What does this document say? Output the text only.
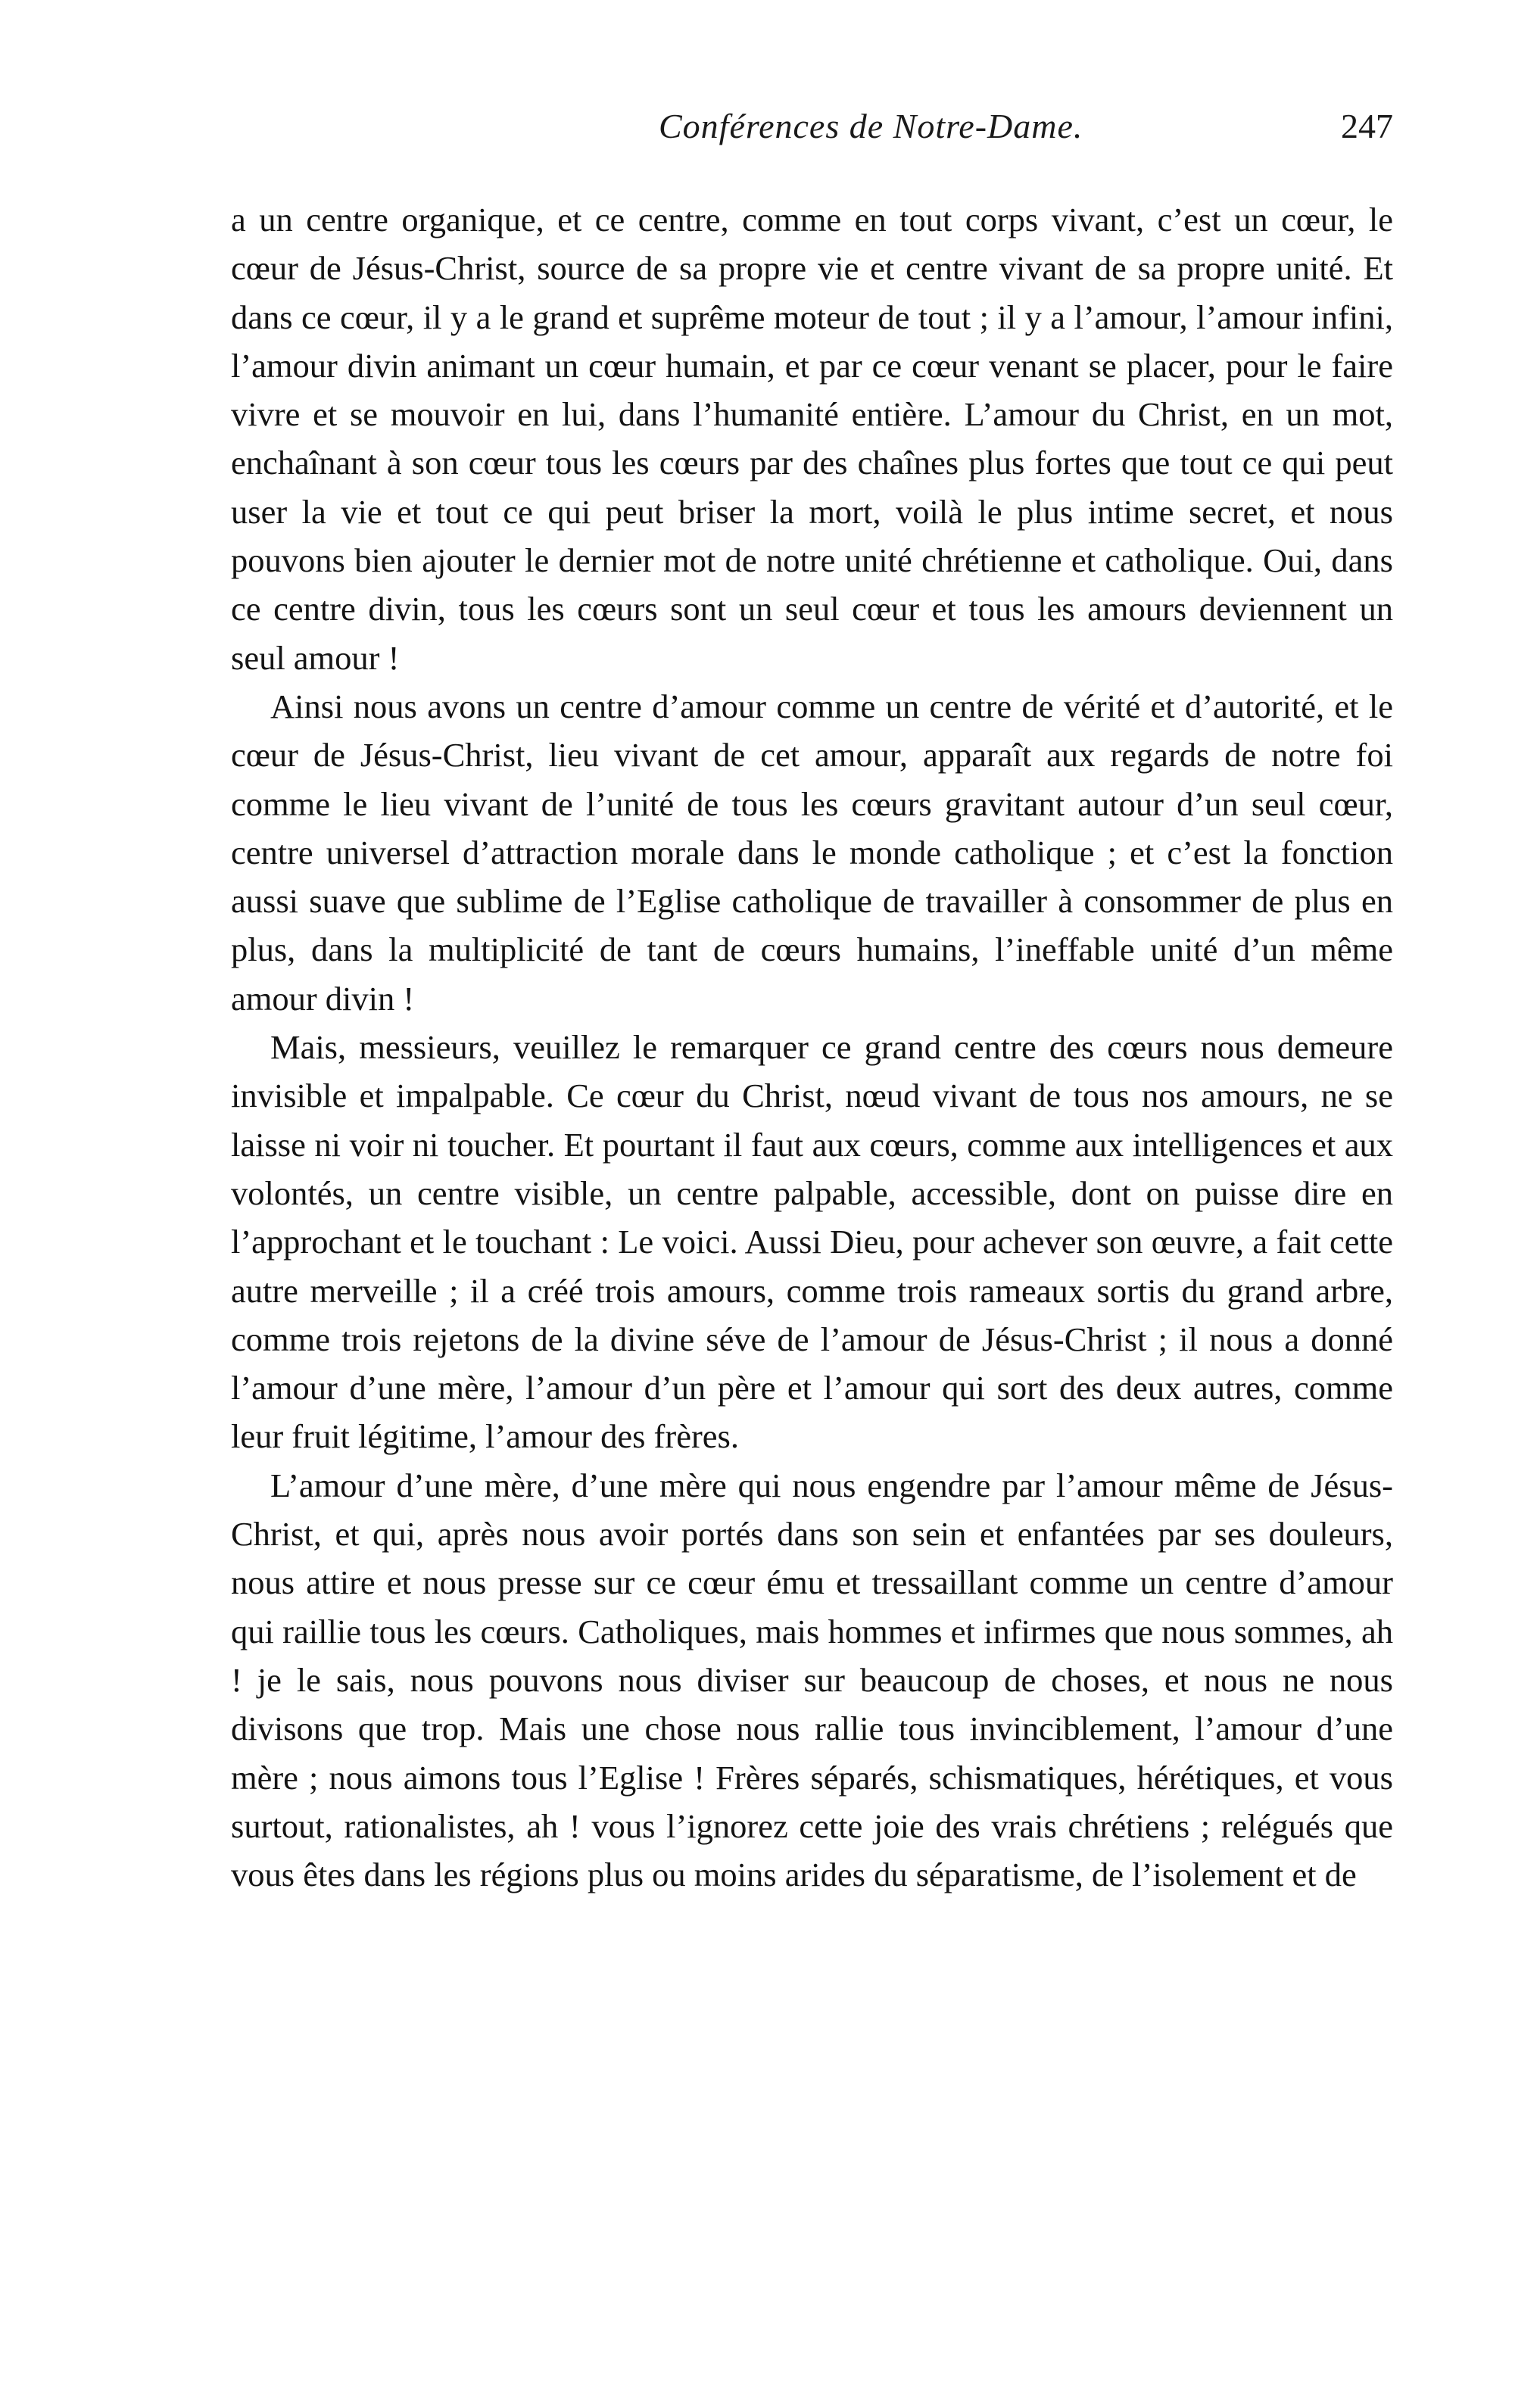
Conférences de Notre-Dame.	247

a un centre organique, et ce centre, comme en tout corps vivant, c’est un cœur, le cœur de Jésus-Christ, source de sa propre vie et centre vivant de sa propre unité. Et dans ce cœur, il y a le grand et suprême moteur de tout ; il y a l’amour, l’amour infini, l’amour divin animant un cœur humain, et par ce cœur venant se placer, pour le faire vivre et se mouvoir en lui, dans l’humanité entière. L’amour du Christ, en un mot, enchaînant à son cœur tous les cœurs par des chaînes plus fortes que tout ce qui peut user la vie et tout ce qui peut briser la mort, voilà le plus intime secret, et nous pouvons bien ajouter le dernier mot de notre unité chrétienne et catholique. Oui, dans ce centre divin, tous les cœurs sont un seul cœur et tous les amours deviennent un seul amour !

Ainsi nous avons un centre d’amour comme un centre de vérité et d’autorité, et le cœur de Jésus-Christ, lieu vivant de cet amour, apparaît aux regards de notre foi comme le lieu vivant de l’unité de tous les cœurs gravitant autour d’un seul cœur, centre universel d’attraction morale dans le monde catholique ; et c’est la fonction aussi suave que sublime de l’Eglise catholique de travailler à consommer de plus en plus, dans la multiplicité de tant de cœurs humains, l’ineffable unité d’un même amour divin !

Mais, messieurs, veuillez le remarquer ce grand centre des cœurs nous demeure invisible et impalpable. Ce cœur du Christ, nœud vivant de tous nos amours, ne se laisse ni voir ni toucher. Et pourtant il faut aux cœurs, comme aux intelligences et aux volontés, un centre visible, un centre palpable, accessible, dont on puisse dire en l’approchant et le touchant : Le voici. Aussi Dieu, pour achever son œuvre, a fait cette autre merveille ; il a créé trois amours, comme trois rameaux sortis du grand arbre, comme trois rejetons de la divine séve de l’amour de Jésus-Christ ; il nous a donné l’amour d’une mère, l’amour d’un père et l’amour qui sort des deux autres, comme leur fruit légitime, l’amour des frères.

L’amour d’une mère, d’une mère qui nous engendre par l’amour même de Jésus-Christ, et qui, après nous avoir portés dans son sein et enfantées par ses douleurs, nous attire et nous presse sur ce cœur ému et tressaillant comme un centre d’amour qui raillie tous les cœurs. Catholiques, mais hommes et infirmes que nous sommes, ah ! je le sais, nous pouvons nous diviser sur beaucoup de choses, et nous ne nous divisons que trop. Mais une chose nous rallie tous invinciblement, l’amour d’une mère ; nous aimons tous l’Eglise ! Frères séparés, schismatiques, hérétiques, et vous surtout, rationalistes, ah ! vous l’ignorez cette joie des vrais chrétiens ; relégués que vous êtes dans les régions plus ou moins arides du séparatisme, de l’isolement et de
